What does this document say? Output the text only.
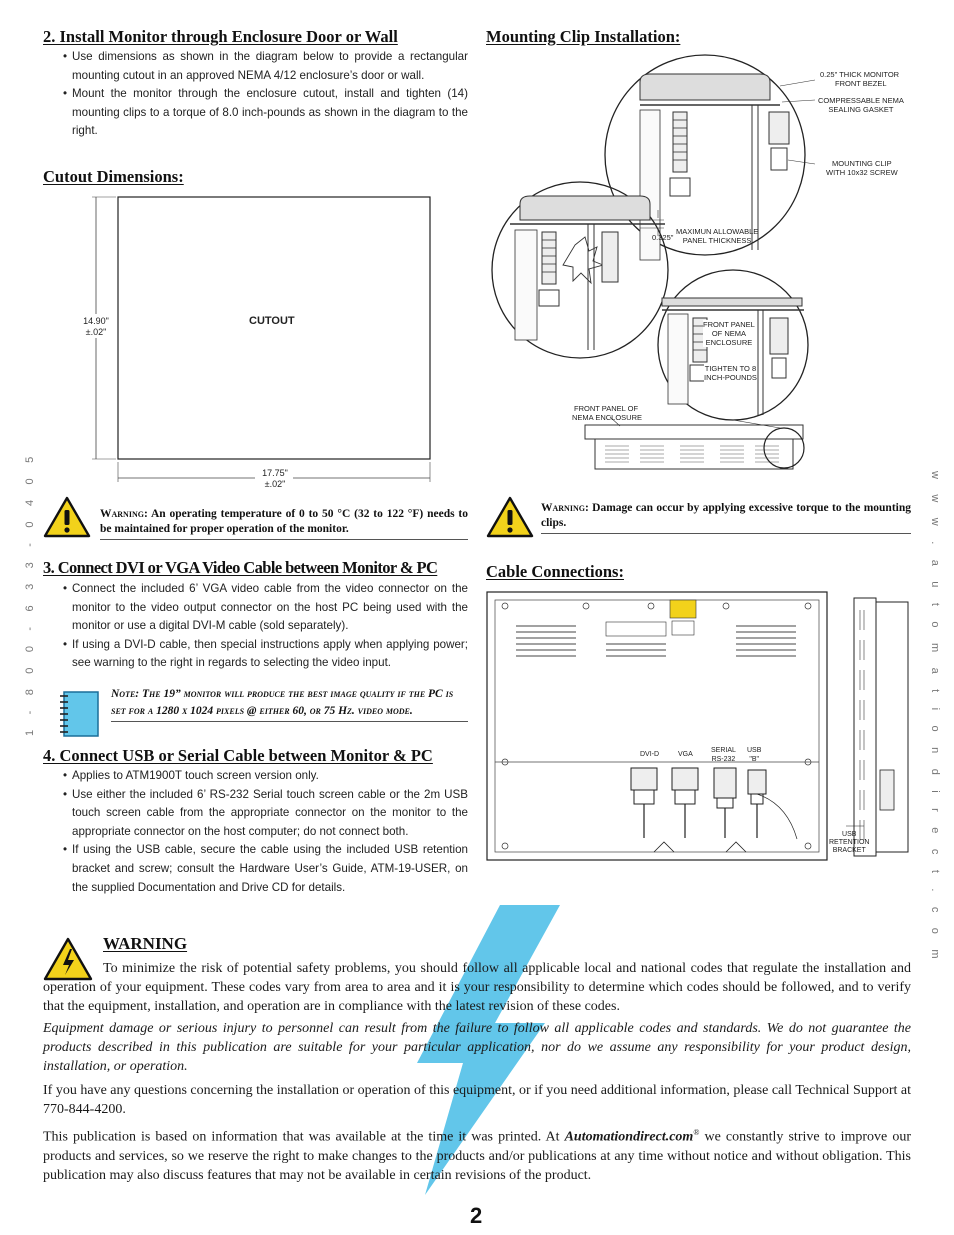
2. Install Monitor through Enclosure Door or Wall
• Use dimensions as shown in the diagram below to provide a rectangular mounting cutout in an approved NEMA 4/12 enclosure’s door or wall.
• Mount the monitor through the enclosure cutout, install and tighten (14) mounting clips to a torque of 8.0 inch-pounds as shown in the diagram to the right.
Cutout Dimensions:
CUTOUT
14.90"
±.02"
17.75"
±.02"
Warning: An operating temperature of 0 to 50 °C (32 to 122 °F) needs to be maintained for proper operation of the monitor.
3. Connect DVI or VGA Video Cable between Monitor & PC
• Connect the included 6’ VGA video cable from the video connector on the monitor to the video output connector on the host PC being used with the monitor or use a digital DVI-M cable (sold separately).
• If using a DVI-D cable, then special instructions apply when applying power; see warning to the right in regards to selecting the video input.
Note: The 19” monitor will produce the best image quality if the PC is set for a 1280 x 1024 pixels @ either 60, or 75 Hz. video mode.
4. Connect USB or Serial Cable between Monitor & PC
• Applies to ATM1900T touch screen version only.
• Use either the included 6’ RS-232 Serial touch screen cable or the 2m USB touch screen cable from the appropriate connector on the monitor to the appropriate connector on the host computer; do not connect both.
• If using the USB cable, secure the cable using the included USB retention bracket and screw; consult the Hardware User’s Guide, ATM-19-USER, on the supplied Documentation and Drive CD for details.
Mounting Clip Installation:
0.25" THICK MONITOR
FRONT BEZEL
0.325"
FRONT PANEL OF
NEMA ENCLOSURE
COMPRESSABLE NEMA
SEALING GASKET
MOUNTING CLIP
WITH 10x32 SCREW
MAXIMUN ALLOWABLE
PANEL THICKNESS
FRONT PANEL
OF NEMA
ENCLOSURE
TIGHTEN TO 8
INCH-POUNDS
Warning: Damage can occur by applying excessive torque to the mounting clips.
Cable Connections:
DVI-D	VGA
SERIAL
RS-232
USB
"B"
USB
RETENTION
BRACKET
1 - 8 0 0 - 6 3 3 - 0 4 0 5	w w w . a u t o m a t i o n d i r e c t . c o m
WARNING

To minimize the risk of potential safety problems, you should follow all applicable local and national codes that regulate the installation and operation of your equipment. These codes vary from area to area and it is your responsibility to determine which codes should be followed, and to verify that the equipment, installation, and operation are in compliance with the latest revision of these codes.

Equipment damage or serious injury to personnel can result from the failure to follow all applicable codes and standards. We do not guarantee the products described in this publication are suitable for your particular application, nor do we assume any responsibility for your product design, installation, or operation.

If you have any questions concerning the installation or operation of this equipment, or if you need additional information, please call Technical Support at 770-844-4200.

This publication is based on information that was available at the time it was printed. At Automationdirect.com® we constantly strive to improve our products and services, so we reserve the right to make changes to the products and/or publications at any time without notice and without obligation. This publication may also discuss features that may not be available in certain revisions of the product.

2
